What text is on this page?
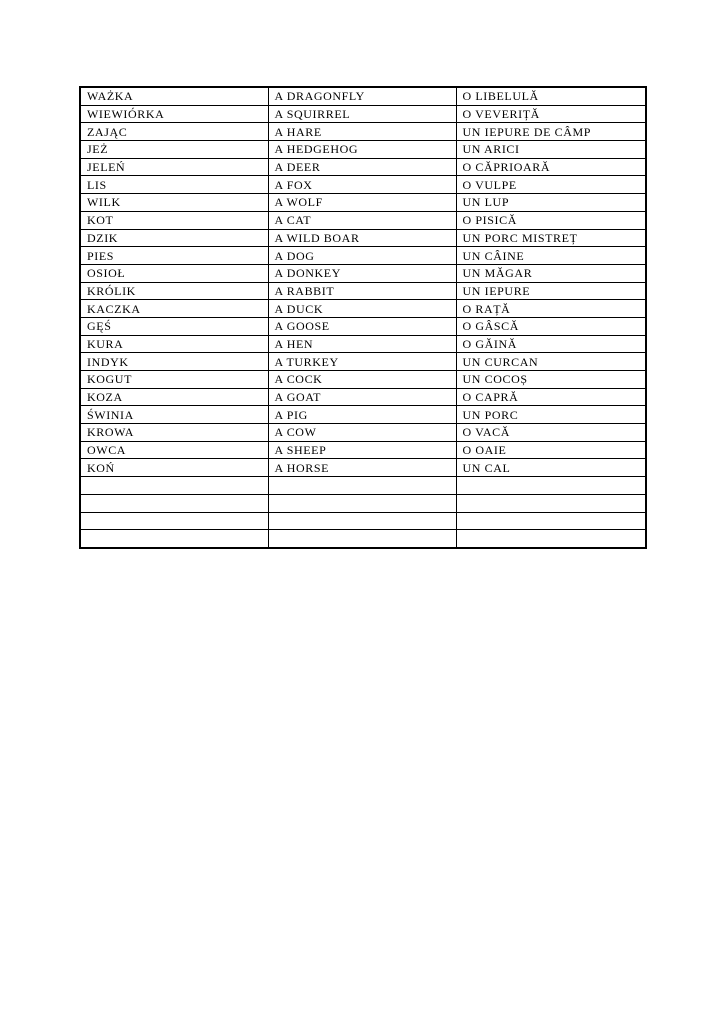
WAŻKA	A DRAGONFLY	O LIBELULĂ
WIEWIÓRKA	A SQUIRREL	O VEVERIȚĂ
ZAJĄC	A HARE	UN IEPURE DE CÂMP
JEŻ	A HEDGEHOG	UN ARICI
JELEŃ	A DEER	O CĂPRIOARĂ
LIS	A FOX	O VULPE
WILK	A WOLF	UN LUP
KOT	A CAT	O PISICĂ
DZIK	A WILD BOAR	UN PORC MISTREȚ
PIES	A DOG	UN CÂINE
OSIOŁ	A DONKEY	UN MĂGAR
KRÓLIK	A RABBIT	UN IEPURE
KACZKA	A DUCK	O RAȚĂ
GĘŚ	A GOOSE	O GÂSCĂ
KURA	A HEN	O GĂINĂ
INDYK	A TURKEY	UN CURCAN
KOGUT	A COCK	UN COCOȘ
KOZA	A GOAT	O CAPRĂ
ŚWINIA	A PIG	UN PORC
KROWA	A COW	O VACĂ
OWCA	A SHEEP	O OAIE
KOŃ	A HORSE	UN CAL
